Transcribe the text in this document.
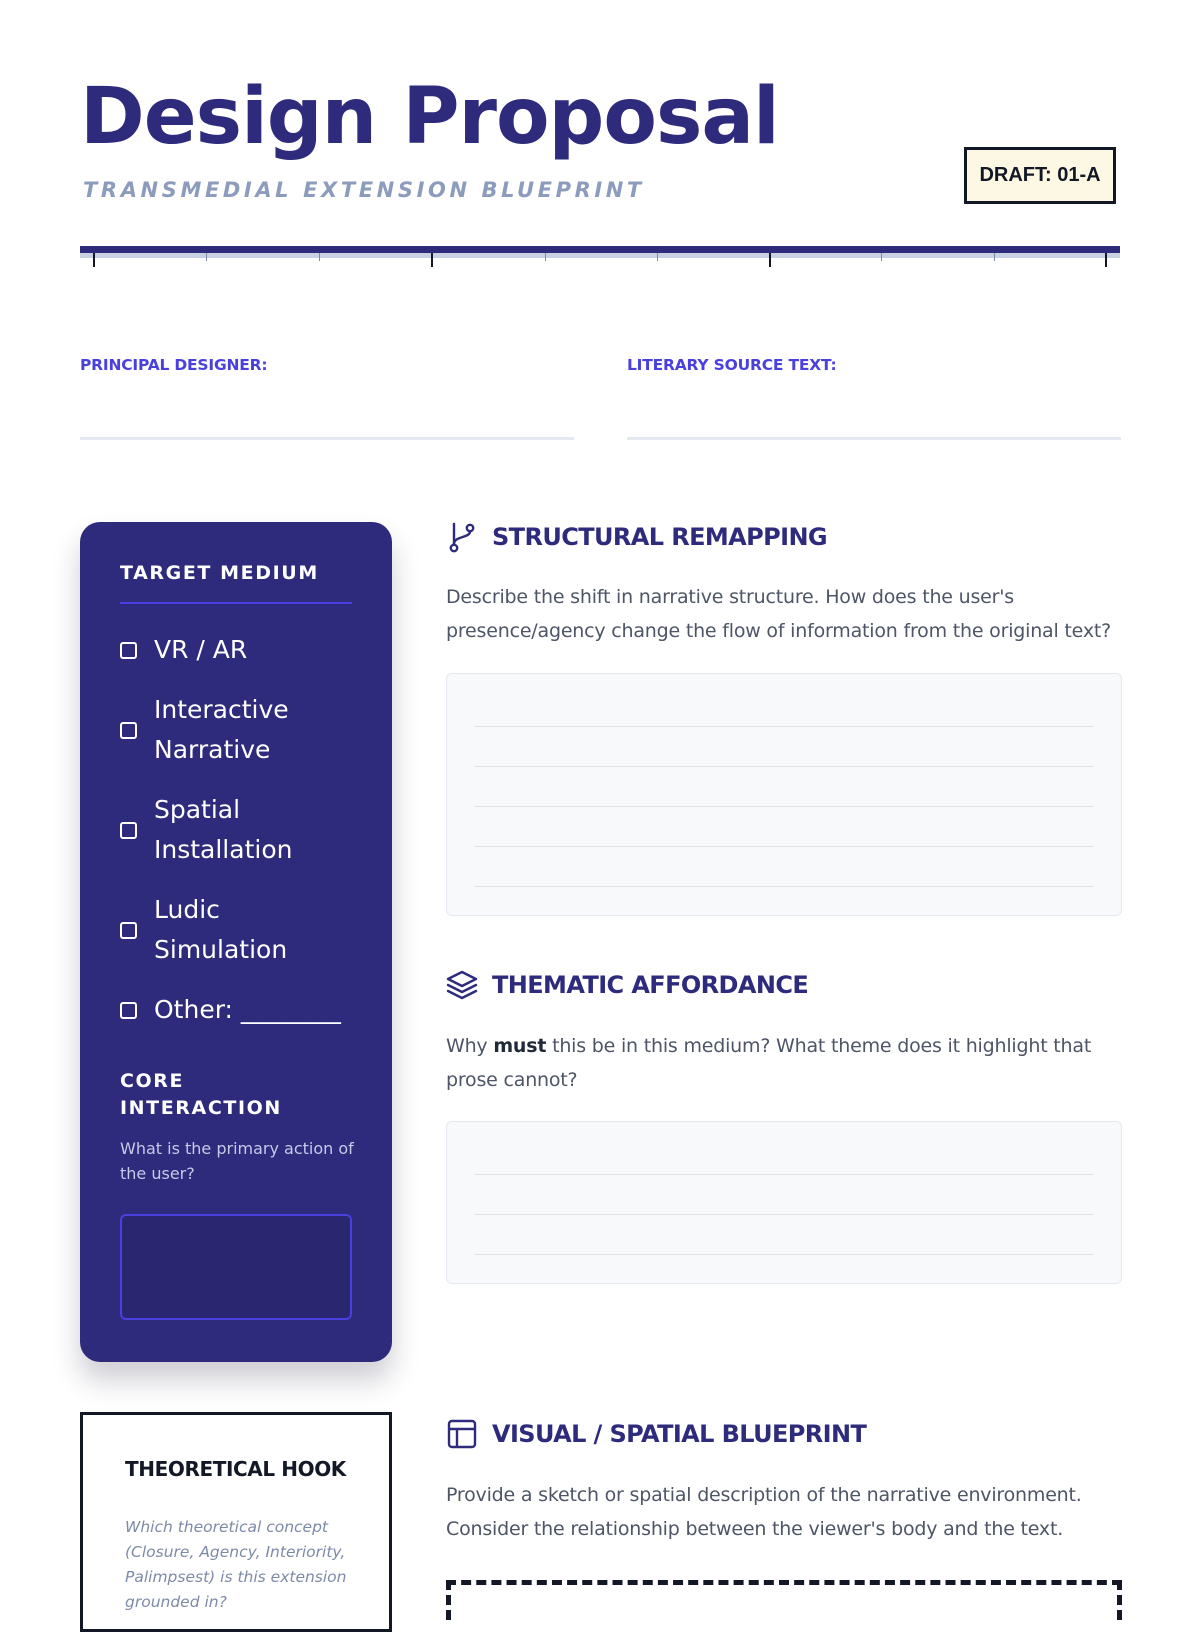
Design Proposal
TRANSMEDIAL EXTENSION BLUEPRINT
DRAFT: 01-A
PRINCIPAL DESIGNER:	LITERARY SOURCE TEXT:
TARGET MEDIUM
VR / AR
Interactive Narrative
Spatial Installation
Ludic Simulation
Other: ________
CORE INTERACTION
What is the primary action of the user?
STRUCTURAL REMAPPING

Describe the shift in narrative structure. How does the user's presence/agency change the flow of information from the original text?

THEMATIC AFFORDANCE

Why must this be in this medium? What theme does it highlight that prose cannot?

VISUAL / SPATIAL BLUEPRINT

Provide a sketch or spatial description of the narrative environment. Consider the relationship between the viewer's body and the text.

THEORETICAL HOOK
Which theoretical concept (Closure, Agency, Interiority, Palimpsest) is this extension grounded in?
